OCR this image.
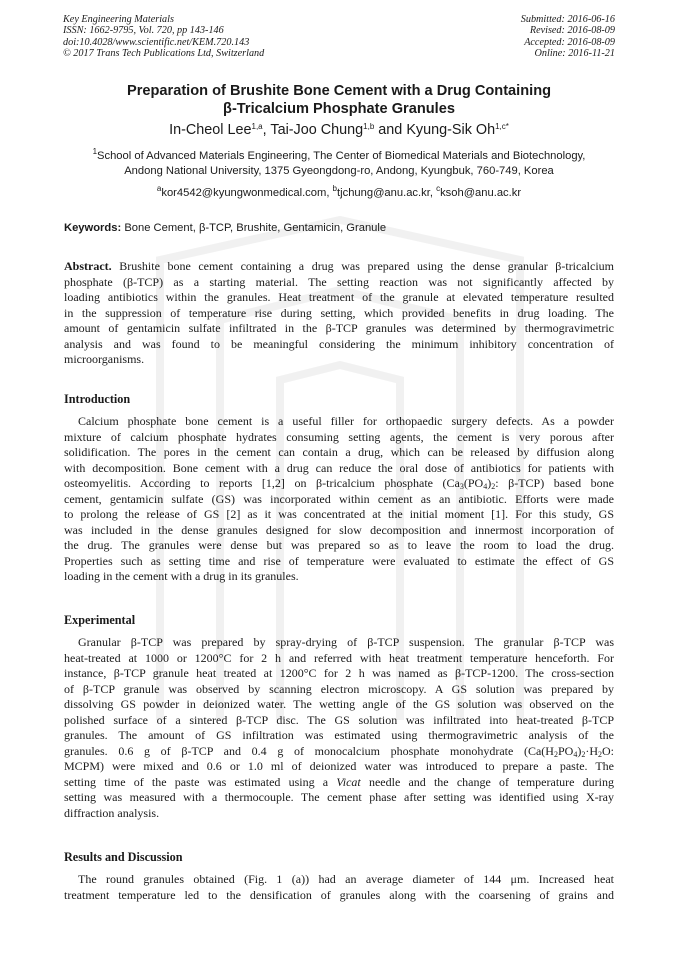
Key Engineering Materials
ISSN: 1662-9795, Vol. 720, pp 143-146
doi:10.4028/www.scientific.net/KEM.720.143
© 2017 Trans Tech Publications Ltd, Switzerland
Submitted: 2016-06-16
Revised: 2016-08-09
Accepted: 2016-08-09
Online: 2016-11-21
Preparation of Brushite Bone Cement with a Drug Containing
β-Tricalcium Phosphate Granules
In-Cheol Lee$^{1,a}$, Tai-Joo Chung$^{1,b}$ and Kyung-Sik $Oh^{1,c*}$
$^1$School of Advanced Materials Engineering, The Center of Biomedical Materials and Biotechnology,
Andong National University, 1375 Gyeongdong-ro, Andong, Kyungbuk, 760-749, Korea
$^a$kor4542@kyungwonmedical.com, $^b$tjchung@anu.ac.kr, $^c$ksoh@anu.ac.kr
Keywords: Bone Cement, β-TCP, Brushite, Gentamicin, Granule
Abstract. Brushite bone cement containing a drug was prepared using the dense granular β-tricalcium
phosphate (β-TCP) as a starting material. The setting reaction was not significantly affected by
loading antibiotics within the granules. Heat treatment of the granule at elevated temperature resulted
in the suppression of temperature rise during setting, which provided benefits in drug loading. The
amount of gentamicin sulfate infiltrated in the β-TCP granules was determined by thermogravimetric
analysis and was found to be meaningful considering the minimum inhibitory concentration of
microorganisms.
Introduction
Calcium phosphate bone cement is a useful filler for orthopaedic surgery defects. As a powder
mixture of calcium phosphate hydrates consuming setting agents, the cement is very porous after
solidification. The pores in the cement can contain a drug, which can be released by diffusion along
with decomposition. Bone cement with a drug can reduce the oral dose of antibiotics for patients with
osteomyelitis. According to reports [1,2] on β-tricalcium phosphate ($Ca_3(PO_4)_2$: β-TCP) based bone
cement, gentamicin sulfate (GS) was incorporated within cement as an antibiotic. Efforts were made
to prolong the release of GS [2] as it was concentrated at the initial moment [1]. For this study, GS
was included in the dense granules designed for slow decomposition and innermost incorporation of
the drug. The granules were dense but was prepared so as to leave the room to load the drug.
Properties such as setting time and rise of temperature were evaluated to estimate the effect of GS
loading in the cement with a drug in its granules.
Experimental
Granular β-TCP was prepared by spray-drying of β-TCP suspension. The granular β-TCP was
heat-treated at 1000 or 1200°C for 2 h and referred with heat treatment temperature henceforth. For
instance, β-TCP granule heat treated at 1200°C for 2 h was named as β-TCP-1200. The cross-section
of β-TCP granule was observed by scanning electron microscopy. A GS solution was prepared by
dissolving GS powder in deionized water. The wetting angle of the GS solution was observed on the
polished surface of a sintered β-TCP disc. The GS solution was infiltrated into heat-treated β-TCP
granules. The amount of GS infiltration was estimated using thermogravimetric analysis of the
granules. 0.6 g of β-TCP and 0.4 g of monocalcium phosphate monohydrate ($Ca(H_2PO_4)_2\cdot H_2O$:
MCPM) were mixed and 0.6 or 1.0 ml of deionized water was introduced to prepare a paste. The
setting time of the paste was estimated using a Vicat needle and the change of temperature during
setting was measured with a thermocouple. The cement phase after setting was identified using X-ray
diffraction analysis.
Results and Discussion
The round granules obtained (Fig. 1 (a)) had an average diameter of 144 μm. Increased heat
treatment temperature led to the densification of granules along with the coarsening of grains and
